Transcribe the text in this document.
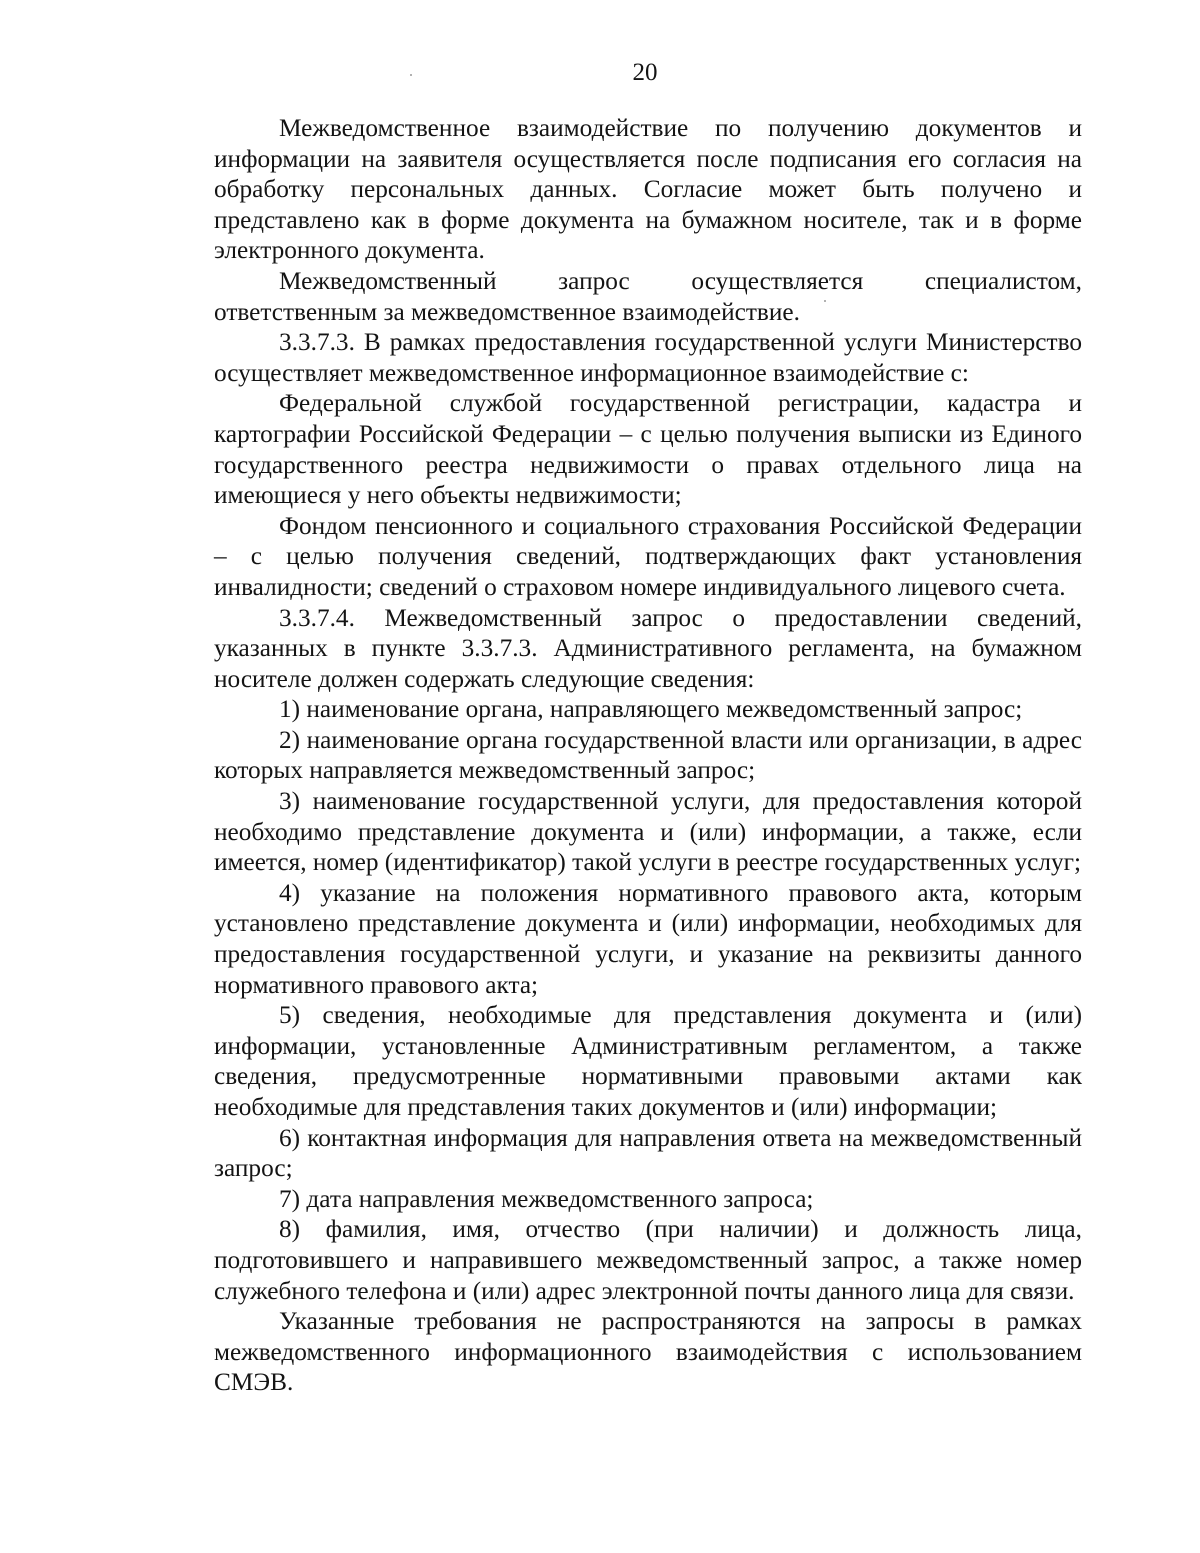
20

Межведомственное взаимодействие по получению документов и информации на заявителя осуществляется после подписания его согласия на обработку персональных данных. Согласие может быть получено и представлено как в форме документа на бумажном носителе, так и в форме электронного документа.

Межведомственный запрос осуществляется специалистом, ответственным за межведомственное взаимодействие.

3.3.7.3. В рамках предоставления государственной услуги Министерство осуществляет межведомственное информационное взаимодействие с:

Федеральной службой государственной регистрации, кадастра и картографии Российской Федерации – с целью получения выписки из Единого государственного реестра недвижимости о правах отдельного лица на имеющиеся у него объекты недвижимости;

Фондом пенсионного и социального страхования Российской Федерации – с целью получения сведений, подтверждающих факт установления инвалидности; сведений о страховом номере индивидуального лицевого счета.

3.3.7.4. Межведомственный запрос о предоставлении сведений, указанных в пункте 3.3.7.3. Административного регламента, на бумажном носителе должен содержать следующие сведения:

1) наименование органа, направляющего межведомственный запрос;

2) наименование органа государственной власти или организации, в адрес которых направляется межведомственный запрос;

3) наименование государственной услуги, для предоставления которой необходимо представление документа и (или) информации, а также, если имеется, номер (идентификатор) такой услуги в реестре государственных услуг;

4) указание на положения нормативного правового акта, которым установлено представление документа и (или) информации, необходимых для предоставления государственной услуги, и указание на реквизиты данного нормативного правового акта;

5) сведения, необходимые для представления документа и (или) информации, установленные Административным регламентом, а также сведения, предусмотренные нормативными правовыми актами как необходимые для представления таких документов и (или) информации;

6) контактная информация для направления ответа на межведомственный запрос;

7) дата направления межведомственного запроса;

8) фамилия, имя, отчество (при наличии) и должность лица, подготовившего и направившего межведомственный запрос, а также номер служебного телефона и (или) адрес электронной почты данного лица для связи.

Указанные требования не распространяются на запросы в рамках межведомственного информационного взаимодействия с использованием СМЭВ.
